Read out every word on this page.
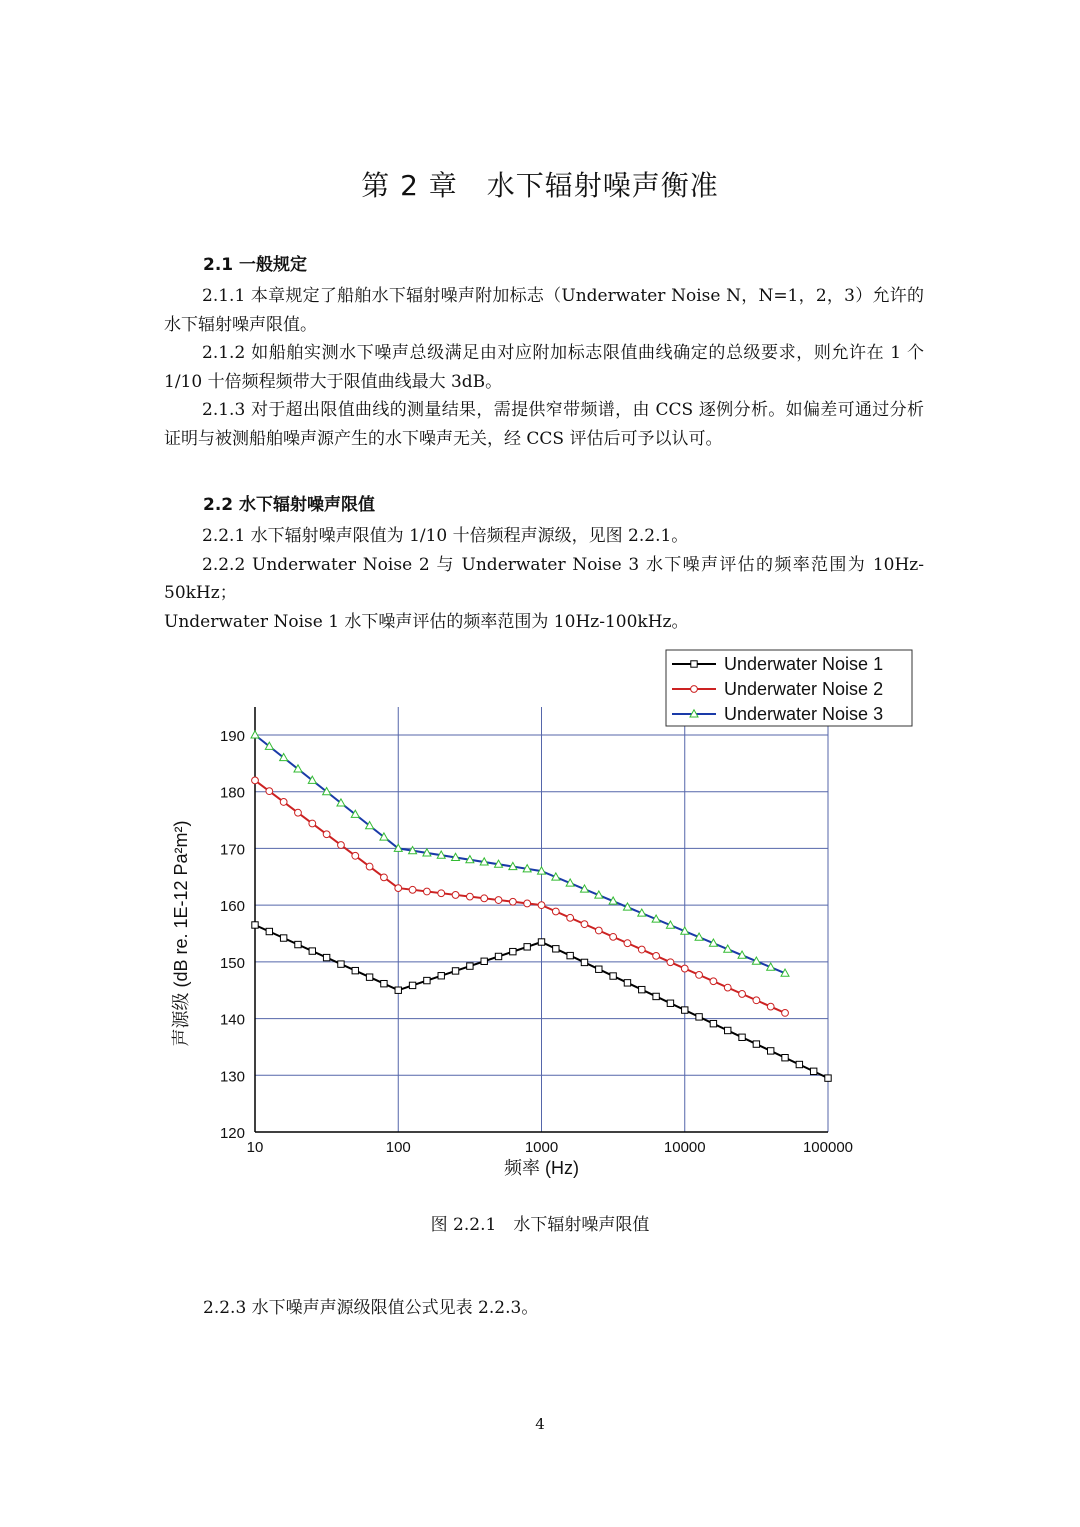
第 2 章　水下辐射噪声衡准
2.1 一般规定

2.1.1 本章规定了船舶水下辐射噪声附加标志（Underwater Noise N，N=1，2，3）允许的水下辐射噪声限值。

2.1.2 如船舶实测水下噪声总级满足由对应附加标志限值曲线确定的总级要求，则允许在 1 个 1/10 十倍频程频带大于限值曲线最大 3dB。

2.1.3 对于超出限值曲线的测量结果，需提供窄带频谱，由 CCS 逐例分析。如偏差可通过分析证明与被测船舶噪声源产生的水下噪声无关，经 CCS 评估后可予以认可。

2.2 水下辐射噪声限值

2.2.1 水下辐射噪声限值为 1/10 十倍频程声源级，见图 2.2.1。

2.2.2 Underwater Noise 2 与 Underwater Noise 3 水下噪声评估的频率范围为 10Hz-50kHz；

Underwater Noise 1 水下噪声评估的频率范围为 10Hz-100kHz。

120
130
140
150
160
170
180
190
10	100	1000	10000	100000
频率 (Hz)
声源级 (dB re. 1E-12 Pa²m²)
Underwater Noise 1
Underwater Noise 2
Underwater Noise 3
图 2.2.1　水下辐射噪声限值

2.2.3 水下噪声声源级限值公式见表 2.2.3。

4
